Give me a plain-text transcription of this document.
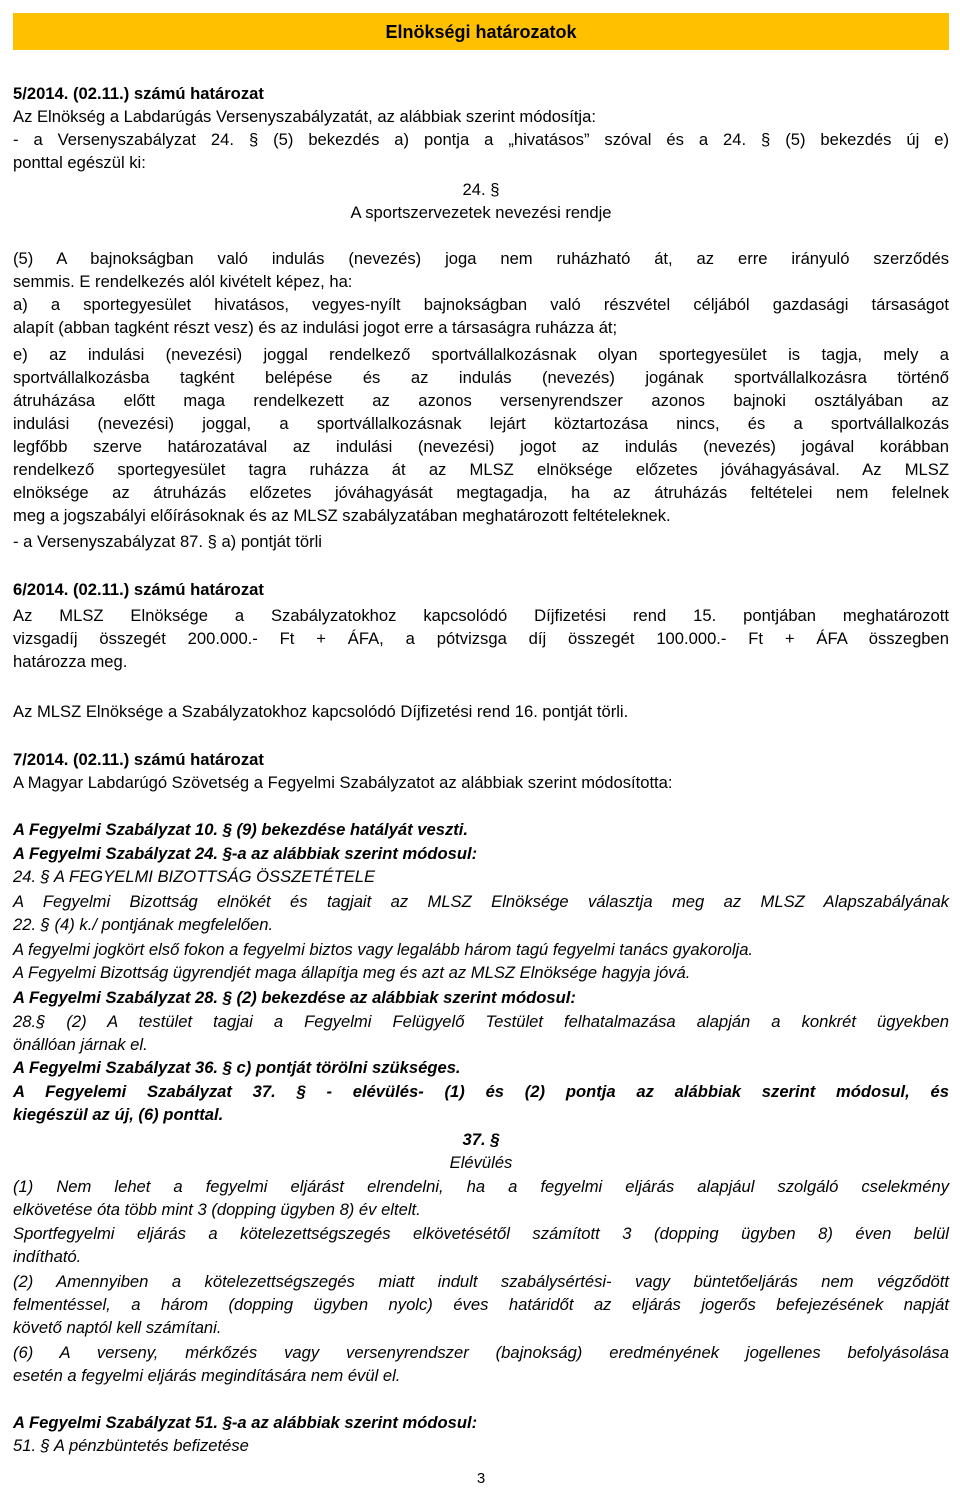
Elnökségi határozatok
5/2014. (02.11.) számú határozat
Az Elnökség a Labdarúgás Versenyszabályzatát, az alábbiak szerint módosítja:
- a Versenyszabályzat 24. § (5) bekezdés a) pontja a „hivatásos” szóval és a 24. § (5) bekezdés új e)
ponttal egészül ki:
24. §
A sportszervezetek nevezési rendje
(5) A bajnokságban való indulás (nevezés) joga nem ruházható át, az erre irányuló szerződés
semmis. E rendelkezés alól kivételt képez, ha:
a) a sportegyesület hivatásos, vegyes-nyílt bajnokságban való részvétel céljából gazdasági társaságot
alapít (abban tagként részt vesz) és az indulási jogot erre a társaságra ruházza át;
e) az indulási (nevezési) joggal rendelkező sportvállalkozásnak olyan sportegyesület is tagja, mely a
sportvállalkozásba tagként belépése és az indulás (nevezés) jogának sportvállalkozásra történő
átruházása előtt maga rendelkezett az azonos versenyrendszer azonos bajnoki osztályában az
indulási (nevezési) joggal, a sportvállalkozásnak lejárt köztartozása nincs, és a sportvállalkozás
legfőbb szerve határozatával az indulási (nevezési) jogot az indulás (nevezés) jogával korábban
rendelkező sportegyesület tagra ruházza át az MLSZ elnöksége előzetes jóváhagyásával. Az MLSZ
elnöksége az átruházás előzetes jóváhagyását megtagadja, ha az átruházás feltételei nem felelnek
meg a jogszabályi előírásoknak és az MLSZ szabályzatában meghatározott feltételeknek.
- a Versenyszabályzat 87. § a) pontját törli
6/2014. (02.11.) számú határozat
Az MLSZ Elnöksége a Szabályzatokhoz kapcsolódó Díjfizetési rend 15. pontjában meghatározott
vizsgadíj összegét 200.000.- Ft + ÁFA, a pótvizsga díj összegét 100.000.- Ft + ÁFA összegben
határozza meg.
Az MLSZ Elnöksége a Szabályzatokhoz kapcsolódó Díjfizetési rend 16. pontját törli.
7/2014. (02.11.) számú határozat
A Magyar Labdarúgó Szövetség a Fegyelmi Szabályzatot az alábbiak szerint módosította:
A Fegyelmi Szabályzat 10. § (9) bekezdése hatályát veszti.
A Fegyelmi Szabályzat 24. §-a az alábbiak szerint módosul:
24. § A FEGYELMI BIZOTTSÁG ÖSSZETÉTELE
A Fegyelmi Bizottság elnökét és tagjait az MLSZ Elnöksége választja meg az MLSZ Alapszabályának
22. § (4) k./ pontjának megfelelően.
A fegyelmi jogkört első fokon a fegyelmi biztos vagy legalább három tagú fegyelmi tanács gyakorolja.
A Fegyelmi Bizottság ügyrendjét maga állapítja meg és azt az MLSZ Elnöksége hagyja jóvá.
A Fegyelmi Szabályzat 28. § (2) bekezdése az alábbiak szerint módosul:
28.§ (2) A testület tagjai a Fegyelmi Felügyelő Testület felhatalmazása alapján a konkrét ügyekben
önállóan járnak el.
A Fegyelmi Szabályzat 36. § c) pontját törölni szükséges.
A Fegyelemi Szabályzat 37. § - elévülés- (1) és (2) pontja az alábbiak szerint módosul, és
kiegészül az új, (6) ponttal.
37. §
Elévülés
(1) Nem lehet a fegyelmi eljárást elrendelni, ha a fegyelmi eljárás alapjául szolgáló cselekmény
elkövetése óta több mint 3 (dopping ügyben 8) év eltelt.
Sportfegyelmi eljárás a kötelezettségszegés elkövetésétől számított 3 (dopping ügyben 8) éven belül
indítható.
(2) Amennyiben a kötelezettségszegés miatt indult szabálysértési- vagy büntetőeljárás nem végződött
felmentéssel, a három (dopping ügyben nyolc) éves határidőt az eljárás jogerős befejezésének napját
követő naptól kell számítani.
(6) A verseny, mérkőzés vagy versenyrendszer (bajnokság) eredményének jogellenes befolyásolása
esetén a fegyelmi eljárás megindítására nem évül el.
A Fegyelmi Szabályzat 51. §-a az alábbiak szerint módosul:
51. § A pénzbüntetés befizetése
3
